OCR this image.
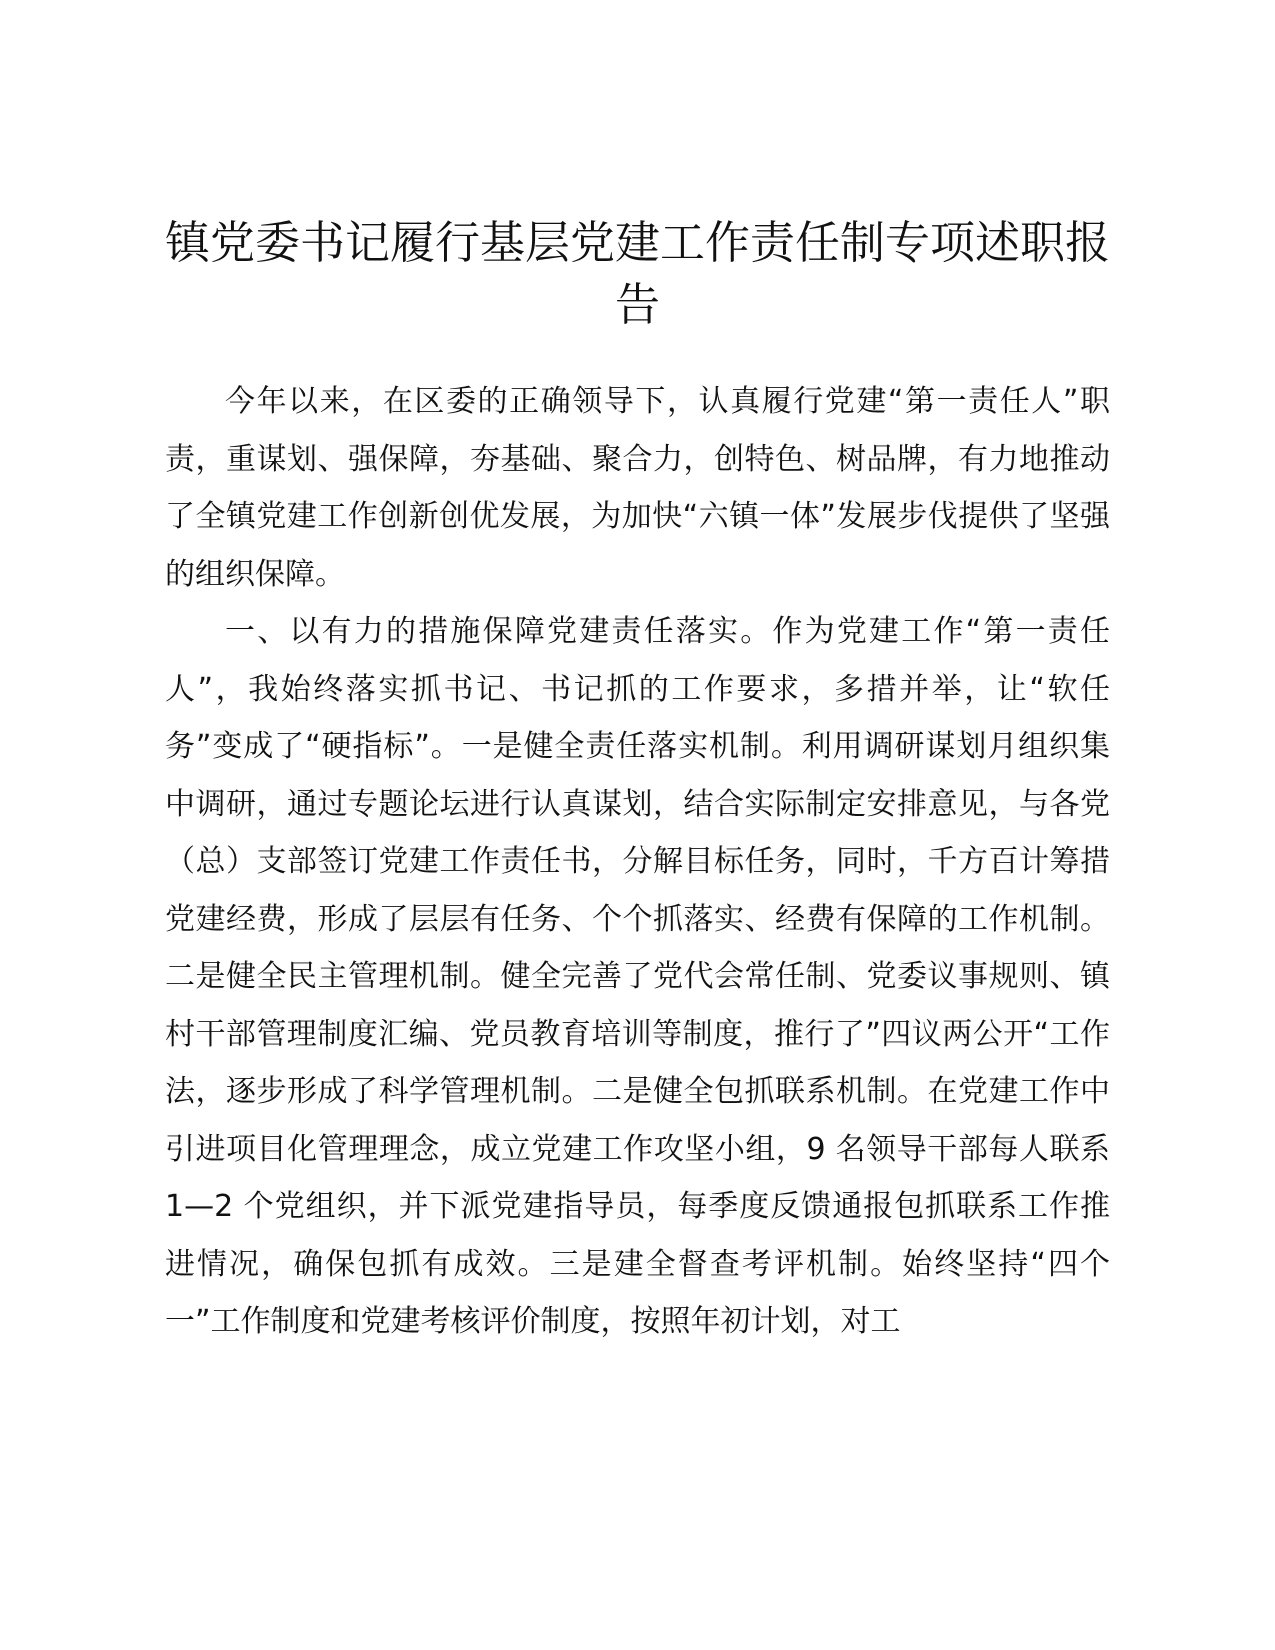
镇党委书记履行基层党建工作责任制专项述职报告

今年以来，在区委的正确领导下，认真履行党建“第一责任人”职责，重谋划、强保障，夯基础、聚合力，创特色、树品牌，有力地推动了全镇党建工作创新创优发展，为加快“六镇一体”发展步伐提供了坚强的组织保障。

一、以有力的措施保障党建责任落实。作为党建工作“第一责任人”，我始终落实抓书记、书记抓的工作要求，多措并举，让“软任务”变成了“硬指标”。一是健全责任落实机制。利用调研谋划月组织集中调研，通过专题论坛进行认真谋划，结合实际制定安排意见，与各党（总）支部签订党建工作责任书，分解目标任务，同时，千方百计筹措党建经费，形成了层层有任务、个个抓落实、经费有保障的工作机制。二是健全民主管理机制。健全完善了党代会常任制、党委议事规则、镇村干部管理制度汇编、党员教育培训等制度，推行了”四议两公开“工作法，逐步形成了科学管理机制。二是健全包抓联系机制。在党建工作中引进项目化管理理念，成立党建工作攻坚小组，9 名领导干部每人联系 1—2 个党组织，并下派党建指导员，每季度反馈通报包抓联系工作推进情况，确保包抓有成效。三是建全督查考评机制。始终坚持“四个一”工作制度和党建考核评价制度，按照年初计划，对工
